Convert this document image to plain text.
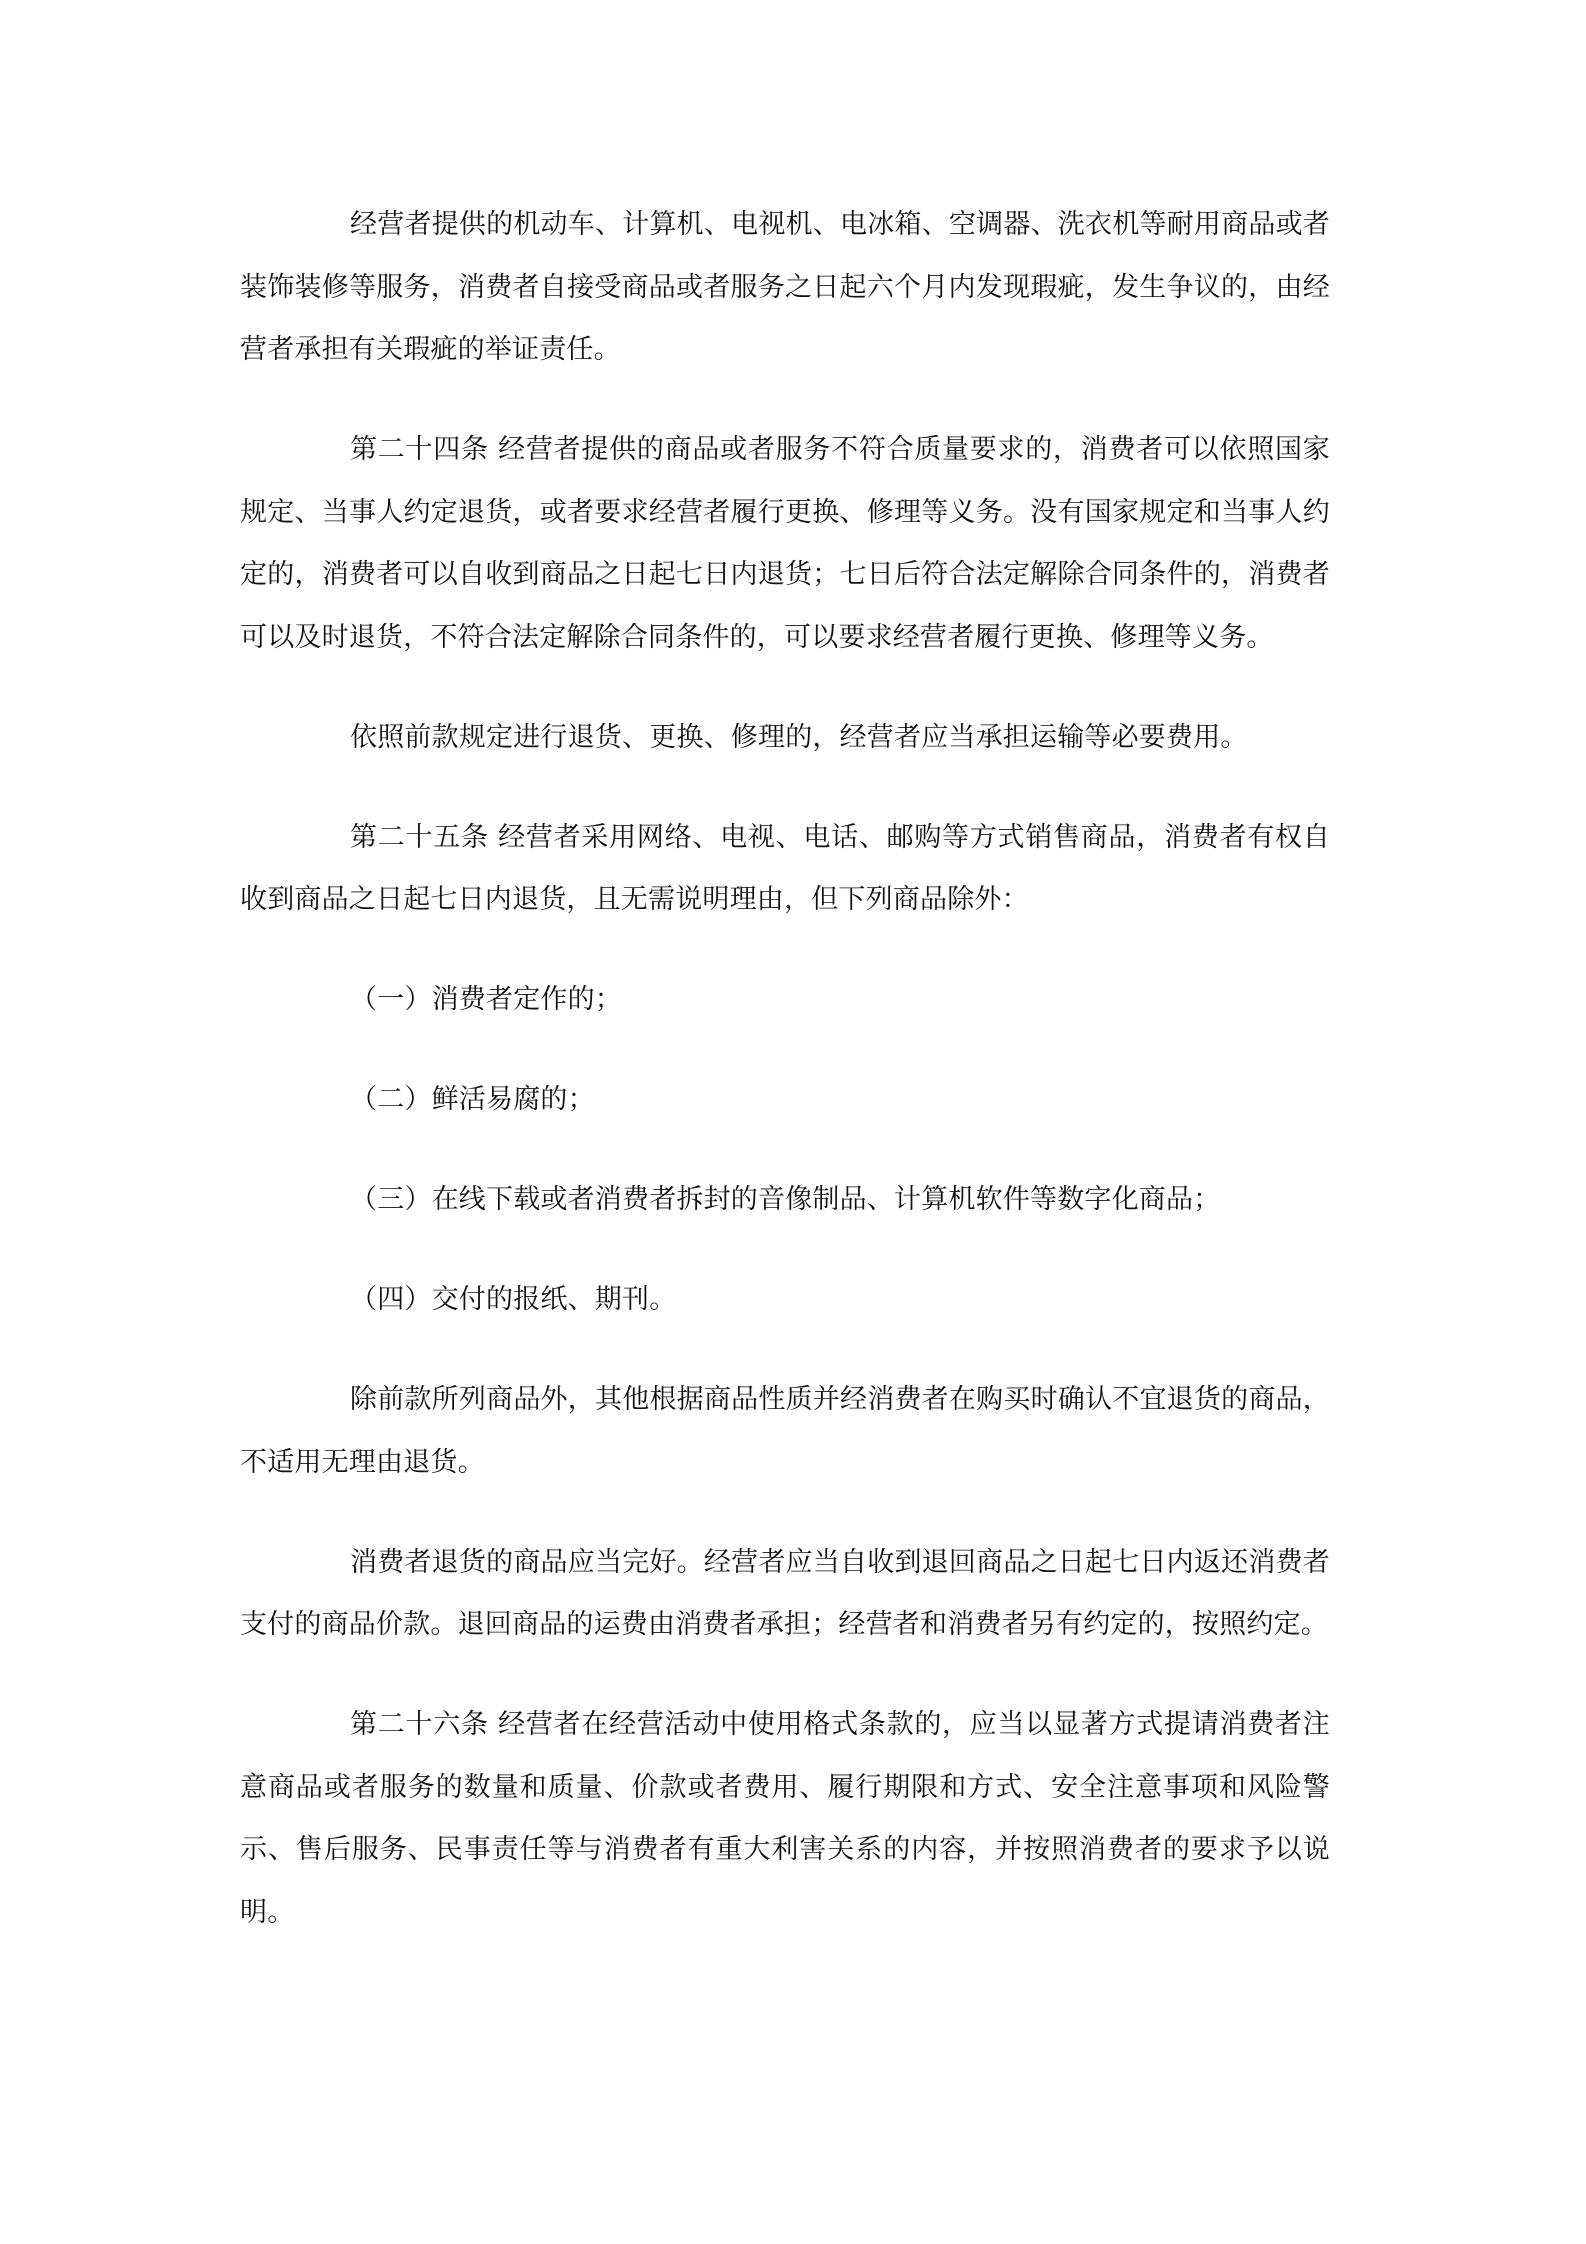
经营者提供的机动车、计算机、电视机、电冰箱、空调器、洗衣机等耐用商品或者装饰装修等服务，消费者自接受商品或者服务之日起六个月内发现瑕疵，发生争议的，由经营者承担有关瑕疵的举证责任。

第二十四条 经营者提供的商品或者服务不符合质量要求的，消费者可以依照国家规定、当事人约定退货，或者要求经营者履行更换、修理等义务。没有国家规定和当事人约定的，消费者可以自收到商品之日起七日内退货；七日后符合法定解除合同条件的，消费者可以及时退货，不符合法定解除合同条件的，可以要求经营者履行更换、修理等义务。

依照前款规定进行退货、更换、修理的，经营者应当承担运输等必要费用。

第二十五条 经营者采用网络、电视、电话、邮购等方式销售商品，消费者有权自收到商品之日起七日内退货，且无需说明理由，但下列商品除外：

（一）消费者定作的；

（二）鲜活易腐的；

（三）在线下载或者消费者拆封的音像制品、计算机软件等数字化商品；

（四）交付的报纸、期刊。

除前款所列商品外，其他根据商品性质并经消费者在购买时确认不宜退货的商品，不适用无理由退货。

消费者退货的商品应当完好。经营者应当自收到退回商品之日起七日内返还消费者支付的商品价款。退回商品的运费由消费者承担；经营者和消费者另有约定的，按照约定。

第二十六条 经营者在经营活动中使用格式条款的，应当以显著方式提请消费者注意商品或者服务的数量和质量、价款或者费用、履行期限和方式、安全注意事项和风险警示、售后服务、民事责任等与消费者有重大利害关系的内容，并按照消费者的要求予以说明。
